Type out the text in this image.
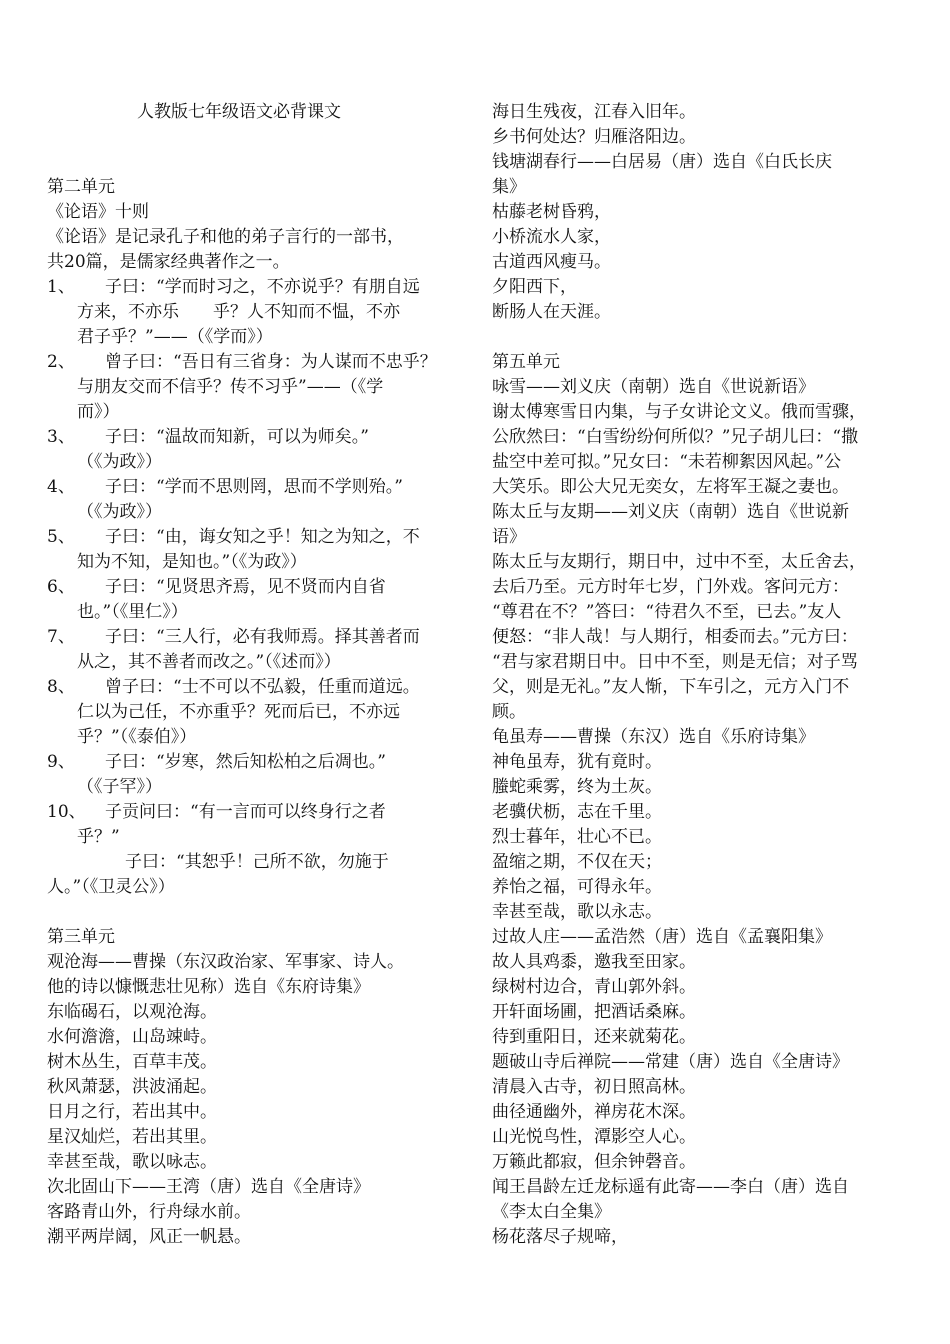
人教版七年级语文必背课文
第二单元
《论语》十则
《论语》是记录孔子和他的弟子言行的一部书，
共20篇，是儒家经典著作之一。
1、 子曰：“学而时习之，不亦说乎？有朋自远
方来，不亦乐　　乎？人不知而不愠，不亦
君子乎？”——（《学而》）
2、 曾子曰：“吾日有三省身：为人谋而不忠乎？
与朋友交而不信乎？传不习乎”——（《学
而》）
3、 子曰：“温故而知新，可以为师矣。”
（《为政》）
4、 子曰：“学而不思则罔，思而不学则殆。”
（《为政》）
5、 子曰：“由，诲女知之乎！知之为知之，不
知为不知，是知也。”（《为政》）
6、 子曰：“见贤思齐焉，见不贤而内自省
也。”（《里仁》）
7、 子曰：“三人行，必有我师焉。择其善者而
从之，其不善者而改之。”（《述而》）
8、 曾子曰：“士不可以不弘毅，任重而道远。
仁以为己任，不亦重乎？死而后已，不亦远
乎？”（《泰伯》）
9、 子曰：“岁寒，然后知松柏之后凋也。”
（《子罕》）
10、 子贡问曰：“有一言而可以终身行之者
乎？”
子曰：“其恕乎！己所不欲，勿施于
人。”（《卫灵公》）
第三单元
观沧海——曹操（东汉政治家、军事家、诗人。
他的诗以慷慨悲壮见称）选自《东府诗集》
东临碣石，以观沧海。
水何澹澹，山岛竦峙。
树木丛生，百草丰茂。
秋风萧瑟，洪波涌起。
日月之行，若出其中。
星汉灿烂，若出其里。
幸甚至哉，歌以咏志。
次北固山下——王湾（唐）选自《全唐诗》
客路青山外，行舟绿水前。
潮平两岸阔，风正一帆悬。
海日生残夜，江春入旧年。
乡书何处达？归雁洛阳边。
钱塘湖春行——白居易（唐）选自《白氏长庆
集》
枯藤老树昏鸦，
小桥流水人家，
古道西风瘦马。
夕阳西下，
断肠人在天涯。
第五单元
咏雪——刘义庆（南朝）选自《世说新语》
谢太傅寒雪日内集，与子女讲论文义。俄而雪骤，
公欣然曰：“白雪纷纷何所似？”兄子胡儿曰：“撒
盐空中差可拟。”兄女曰：“未若柳絮因风起。”公
大笑乐。即公大兄无奕女，左将军王凝之妻也。
陈太丘与友期——刘义庆（南朝）选自《世说新
语》
陈太丘与友期行，期日中，过中不至，太丘舍去，
去后乃至。元方时年七岁，门外戏。客问元方：
“尊君在不？”答曰：“待君久不至，已去。”友人
便怒：“非人哉！与人期行，相委而去。”元方曰：
“君与家君期日中。日中不至，则是无信；对子骂
父，则是无礼。”友人惭，下车引之，元方入门不
顾。
龟虽寿——曹操（东汉）选自《乐府诗集》
神龟虽寿，犹有竟时。
螣蛇乘雾，终为土灰。
老骥伏枥，志在千里。
烈士暮年，壮心不已。
盈缩之期，不仅在天；
养怡之福，可得永年。
幸甚至哉，歌以永志。
过故人庄——孟浩然（唐）选自《孟襄阳集》
故人具鸡黍，邀我至田家。
绿树村边合，青山郭外斜。
开轩面场圃，把酒话桑麻。
待到重阳日，还来就菊花。
题破山寺后禅院——常建（唐）选自《全唐诗》
清晨入古寺，初日照高林。
曲径通幽外，禅房花木深。
山光悦鸟性，潭影空人心。
万籁此都寂，但余钟磬音。
闻王昌龄左迁龙标遥有此寄——李白（唐）选自
《李太白全集》
杨花落尽子规啼，
